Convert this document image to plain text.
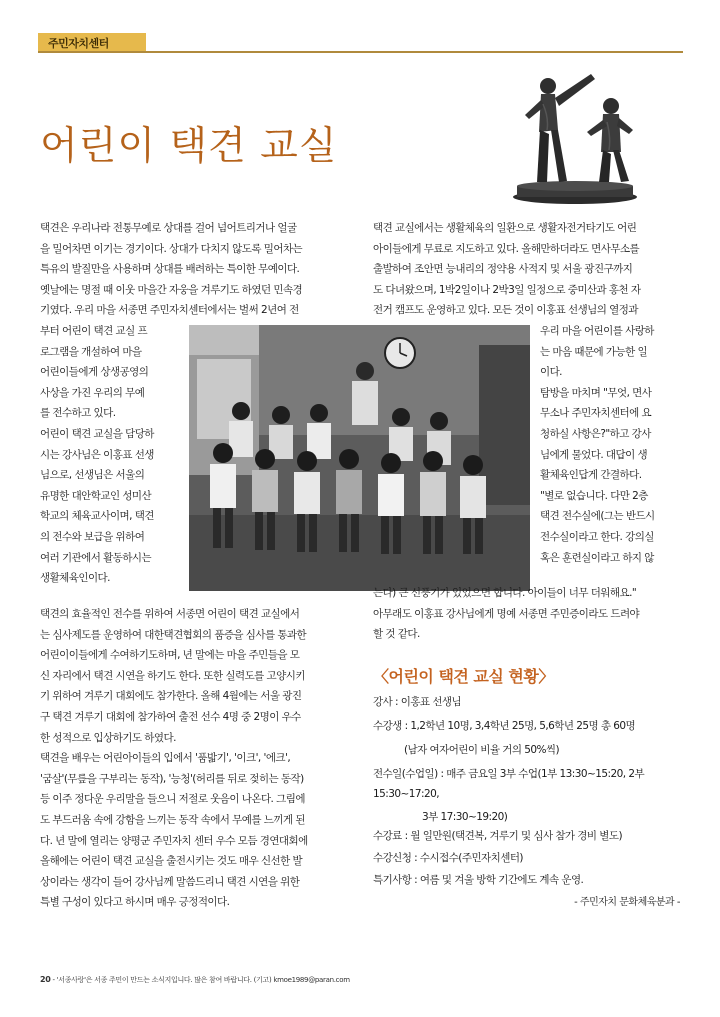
주민자치센터
어린이 택견 교실
택견은 우리나라 전통무예로 상대를 걸어 넘어트리거나 얼굴
을 밀어차면 이기는 경기이다. 상대가 다치지 않도록 밀어차는
특유의 발질만을 사용하며 상대를 배려하는 특이한 무예이다.
옛날에는 명절 때 이웃 마을간 자웅을 겨루기도 하였던 민속경
기였다. 우리 마을 서종면 주민자치센터에서는 벌써 2년여 전
부터 어린이 택견 교실 프
로그램을 개설하여 마을
어린이들에게 상생공영의
사상을 가진 우리의 무예
를 전수하고 있다.
어린이 택견 교실을 담당하
시는 강사님은 이홍표 선생
님으로, 선생님은 서울의
유명한 대안학교인 성미산
학교의 체육교사이며, 택견
의 전수와 보급을 위하여
여러 기관에서 활동하시는
생활체육인이다.
택견의 효율적인 전수를 위하여 서종면 어린이 택견 교실에서
는 심사제도를 운영하여 대한택견협회의 품증을 심사를 통과한
어린이이들에게 수여하기도하며, 년 말에는 마을 주민들을 모
신 자리에서 택견 시연을 하기도 한다. 또한 실력도를 고양시키
기 위하여 겨루기 대회에도 참가한다. 올해 4월에는 서울 광진
구 택견 겨루기 대회에 참가하여 출전 선수 4명 중 2명이 우수
한 성적으로 입상하기도 하였다.
택견을 배우는 어린아이들의 입에서 '품밟기', '이크', '에크',
'굼살'(무릎을 구부리는 동작), '능청'(허리를 뒤로 젖히는 동작)
등 이주 정다운 우리말을 들으니 저절로 웃음이 나온다. 그림에
도 부드러움 속에 강함을 느끼는 동작 속에서 무예를 느끼게 된
다. 년 말에 열리는 양평군 주민자치 센터 우수 모듬 경연대회에
올해에는 어린이 택견 교실을 출전시키는 것도 매우 신선한 발
상이라는 생각이 들어 강사님께 말씀드리니 택견 시연을 위한
특별 구성이 있다고 하시며 매우 긍정적이다.
택견 교실에서는 생활체육의 일환으로 생활자전거타기도 어린
아이들에게 무료로 지도하고 있다. 올해만하더라도 면사무소를
출발하여 조안면 능내리의 정약용 사적지 및 서울 광진구까지
도 다녀왔으며, 1박2일이나 2박3일 일정으로 중미산과 홍천 자
전거 캠프도 운영하고 있다. 모든 것이 이홍표 선생님의 열정과
우리 마을 어린이를 사랑하
는 마음 때문에 가능한 일
이다.
탐방을 마치며 "무엇, 면사
무소나 주민자치센터에 요
청하실 사항은?"하고 강사
님에게 물었다. 대답이 생
활체육인답게 간결하다.
"별로 없습니다. 다만 2층
택견 전수실에(그는 반드시
전수실이라고 한다. 강의실
혹은 훈련실이라고 하지 않
는다) 큰 선풍기가 있었으면 합니다. 아이들이 너무 더워해요."
아무래도 이홍표 강사님에게 명예 서종면 주민증이라도 드려야
할 것 같다.
〈어린이 택견 교실 현황〉
강사 : 이홍표 선생님
수강생 : 1,2학년 10명, 3,4학년 25명, 5,6학년 25명 총 60명
(남자 여자어린이 비율 거의 50%씩)
전수일(수업일) : 매주 금요일 3부 수업(1부 13:30~15:20, 2부
15:30~17:20,
3부 17:30~19:20)
수강료 : 월 일만원(택견복, 겨루기 및 심사 참가 경비 별도)
수강신청 : 수시접수(주민자치센터)
특기사항 : 여름 및 겨울 방학 기간에도 계속 운영.
- 주민자치 문화체육분과 -
20 - '서종사랑'은 서종 주민이 만드는 소식지입니다. 많은 참여 바랍니다. (기고) kmoe1989@paran.com
